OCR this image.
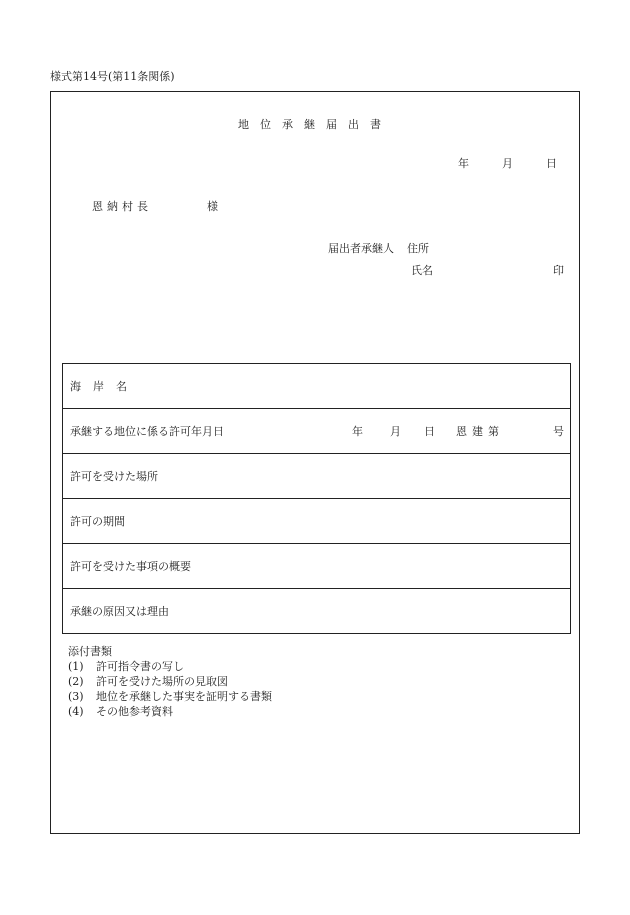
様式第14号(第11条関係)
地位承継届出書
年	月	日
恩納村長	様
届出者承継人 住所
氏名	印
海岸名
承継する地位に係る許可年月日	年 月 日 恩建第	号

許可を受けた場所
許可の期間
許可を受けた事項の概要
承継の原因又は理由
添付書類
(1) 許可指令書の写し
(2) 許可を受けた場所の見取図
(3) 地位を承継した事実を証明する書類
(4) その他参考資料
